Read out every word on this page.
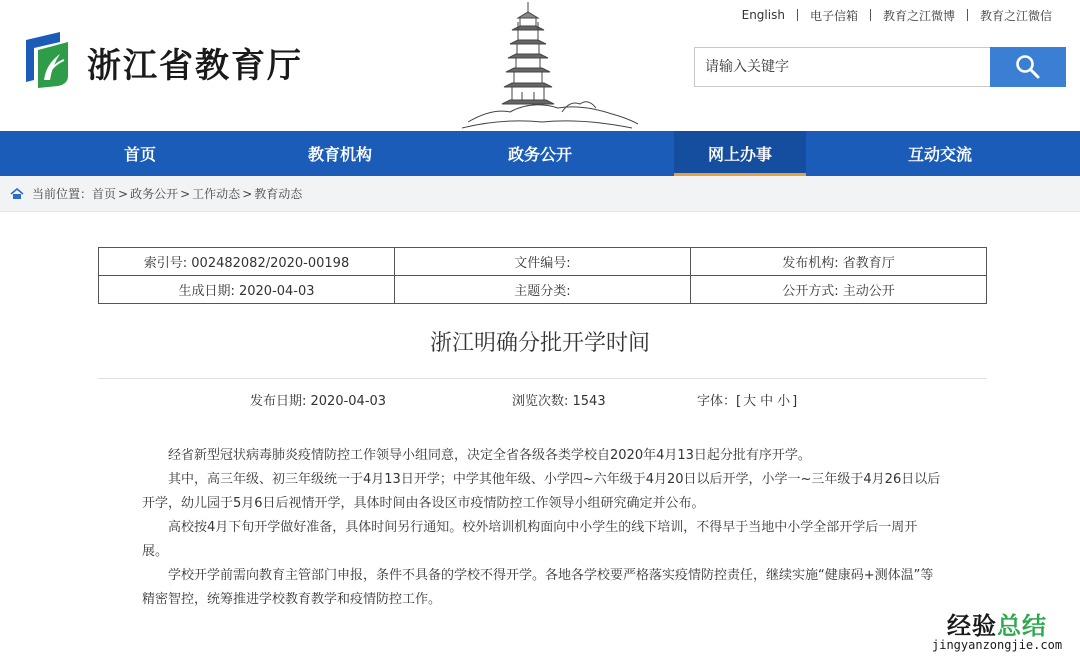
浙江省教育厅
English	电子信箱	教育之江微博	教育之江微信
请输入关键字
首页	教育机构	政务公开	网上办事	互动交流
当前位置： 首页 > 政务公开 > 工作动态 > 教育动态
索引号: 002482082/2020-00198	文件编号:	发布机构: 省教育厅
生成日期: 2020-04-03	主题分类:	公开方式: 主动公开
浙江明确分批开学时间
发布日期: 2020-04-03	浏览次数: 1543	字体：[ 大 中 小 ]

经省新型冠状病毒肺炎疫情防控工作领导小组同意，决定全省各级各类学校自2020年4月13日起分批有序开学。

其中，高三年级、初三年级统一于4月13日开学；中学其他年级、小学四~六年级于4月20日以后开学，小学一~三年级于4月26日以后开学，幼儿园于5月6日后视情开学，具体时间由各设区市疫情防控工作领导小组研究确定并公布。

高校按4月下旬开学做好准备，具体时间另行通知。校外培训机构面向中小学生的线下培训，不得早于当地中小学全部开学后一周开展。

学校开学前需向教育主管部门申报，条件不具备的学校不得开学。各地各学校要严格落实疫情防控责任，继续实施“健康码+测体温”等精密智控，统筹推进学校教育教学和疫情防控工作。

经验总结
jingyanzongjie.com
